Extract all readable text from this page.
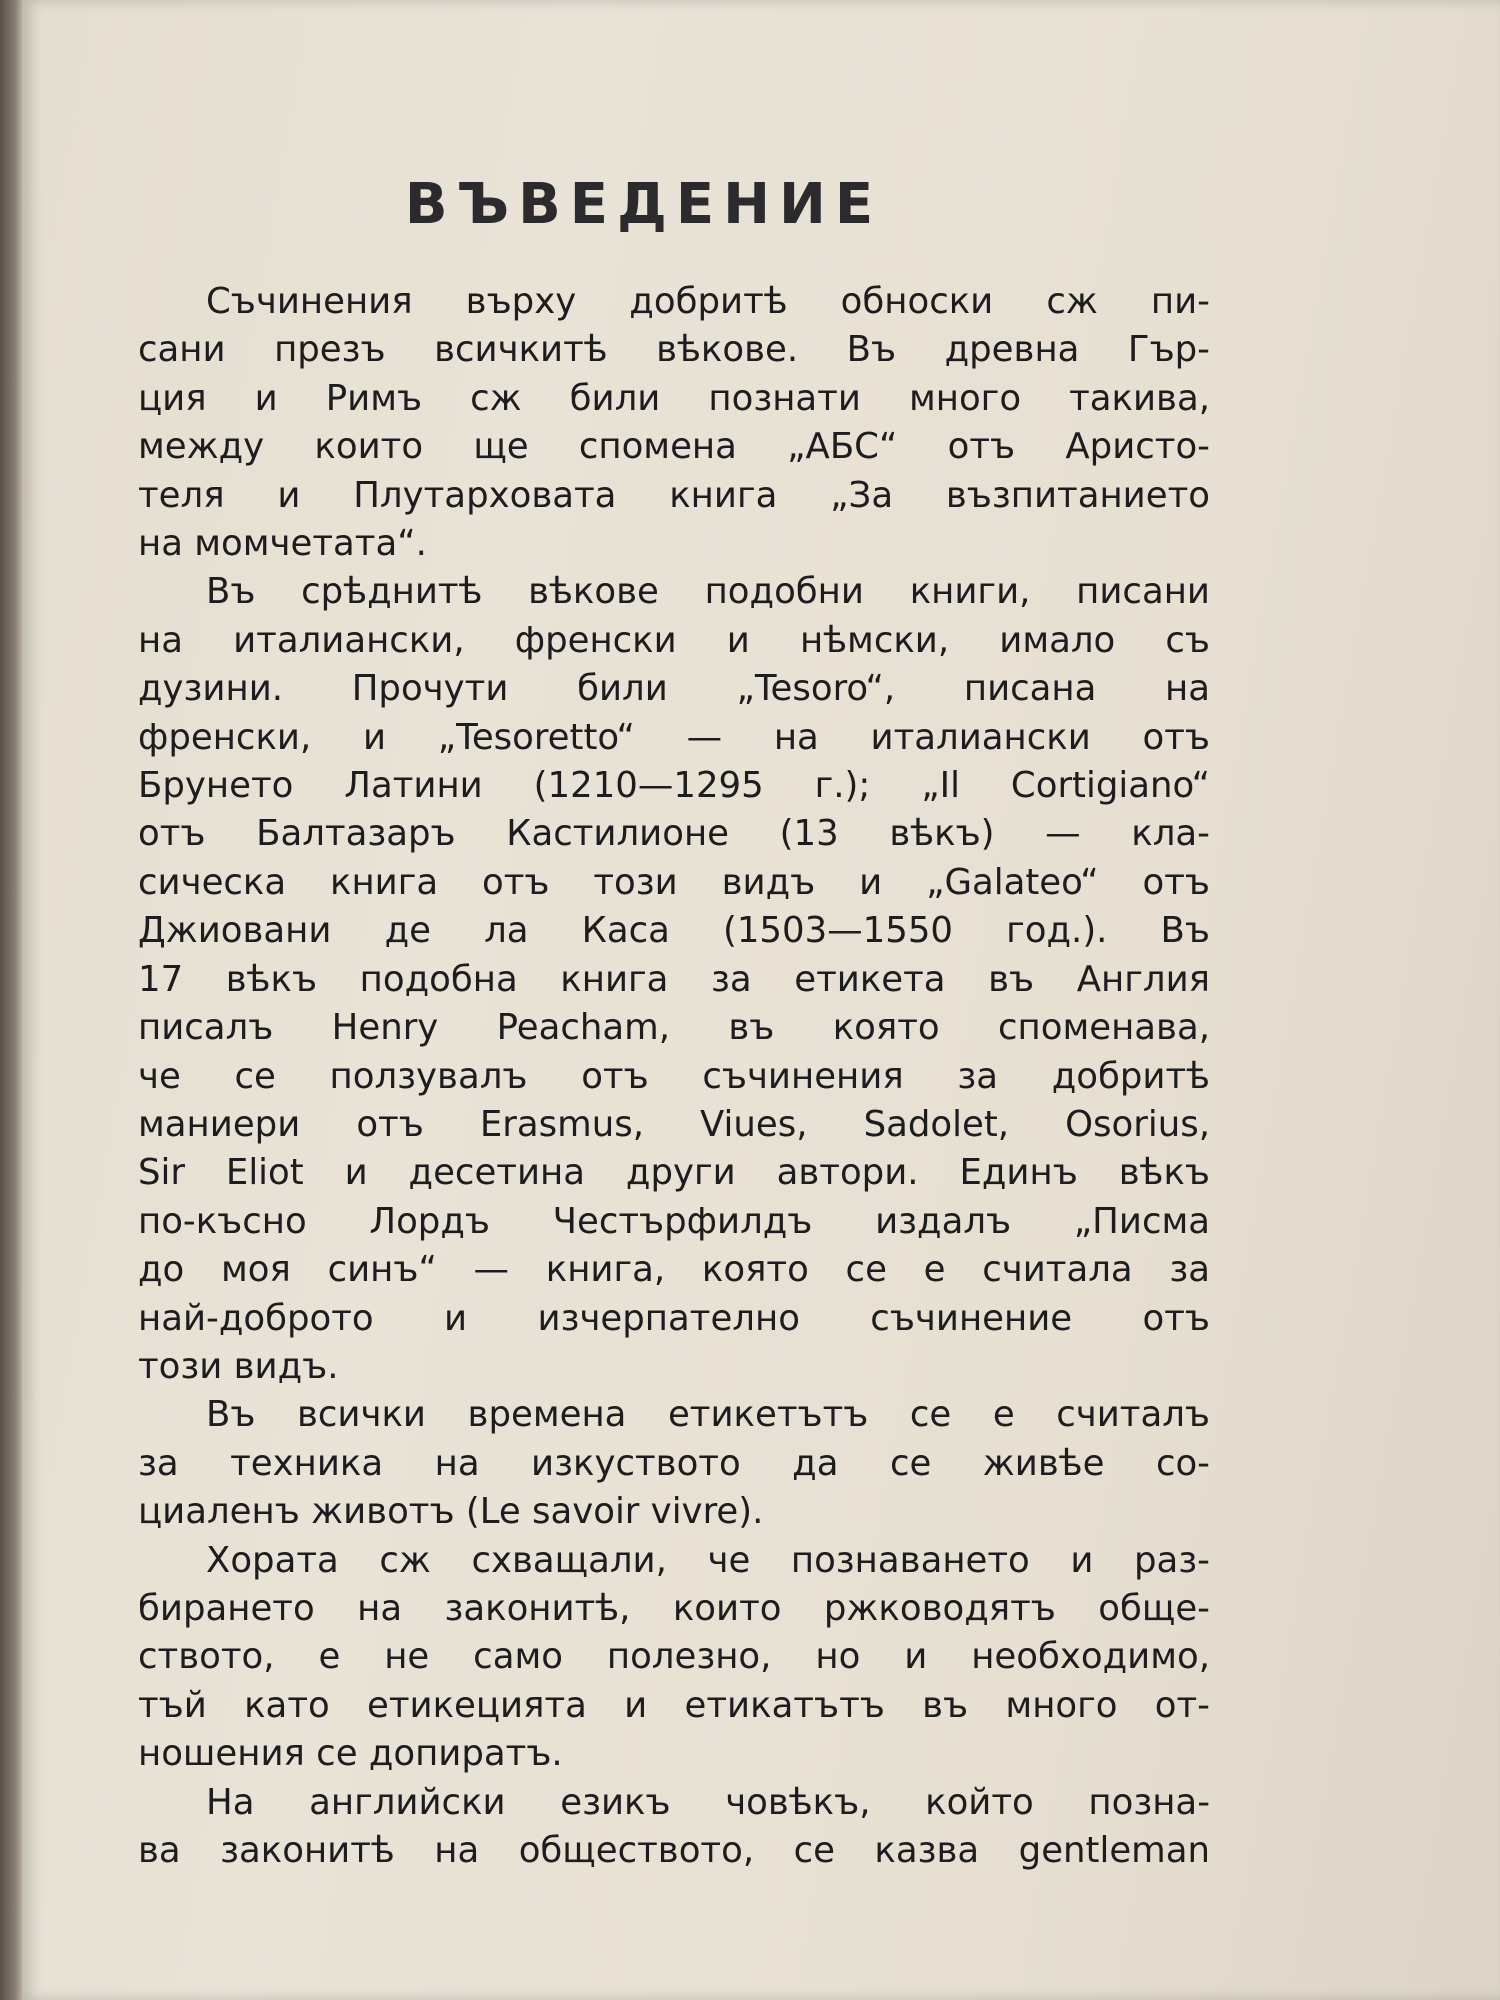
ВЪВЕДЕНИЕ
Съчинения върху добритѣ обноски сж пи-
сани презъ всичкитѣ вѣкове. Въ древна Гър-
ция и Римъ сж били познати много такива,
между които ще спомена „АБС“ отъ Аристо-
теля и Плутарховата книга „За възпитанието
на момчетата“.
Въ срѣднитѣ вѣкове подобни книги, писани
на италиански, френски и нѣмски, имало съ
дузини. Прочути били „Tesoro“, писана на
френски, и „Tesoretto“ — на италиански отъ
Брунето Латини (1210—1295 г.); „Il Cortigiano“
отъ Балтазаръ Кастилионе (13 вѣкъ) — кла-
сическа книга отъ този видъ и „Galateo“ отъ
Джиовани де ла Каса (1503—1550 год.). Въ
17 вѣкъ подобна книга за етикета въ Англия
писалъ Henry Peacham, въ която споменава,
че се ползувалъ отъ съчинения за добритѣ
маниери отъ Erasmus, Viues, Sadolet, Osorius,
Sir Eliot и десетина други автори. Единъ вѣкъ
по-късно Лордъ Честърфилдъ издалъ „Писма
до моя синъ“ — книга, която се е считала за
най-доброто и изчерпателно съчинение отъ
този видъ.
Въ всички времена етикетътъ се е считалъ
за техника на изкуството да се живѣе со-
циаленъ животъ (Le savoir vivre).
Хората сж схващали, че познаването и раз-
бирането на законитѣ, които ржководятъ обще-
ството, е не само полезно, но и необходимо,
тъй като етикецията и етикатътъ въ много от-
ношения се допиратъ.
На английски езикъ човѣкъ, който позна-
ва законитѣ на обществото, се казва gentleman
